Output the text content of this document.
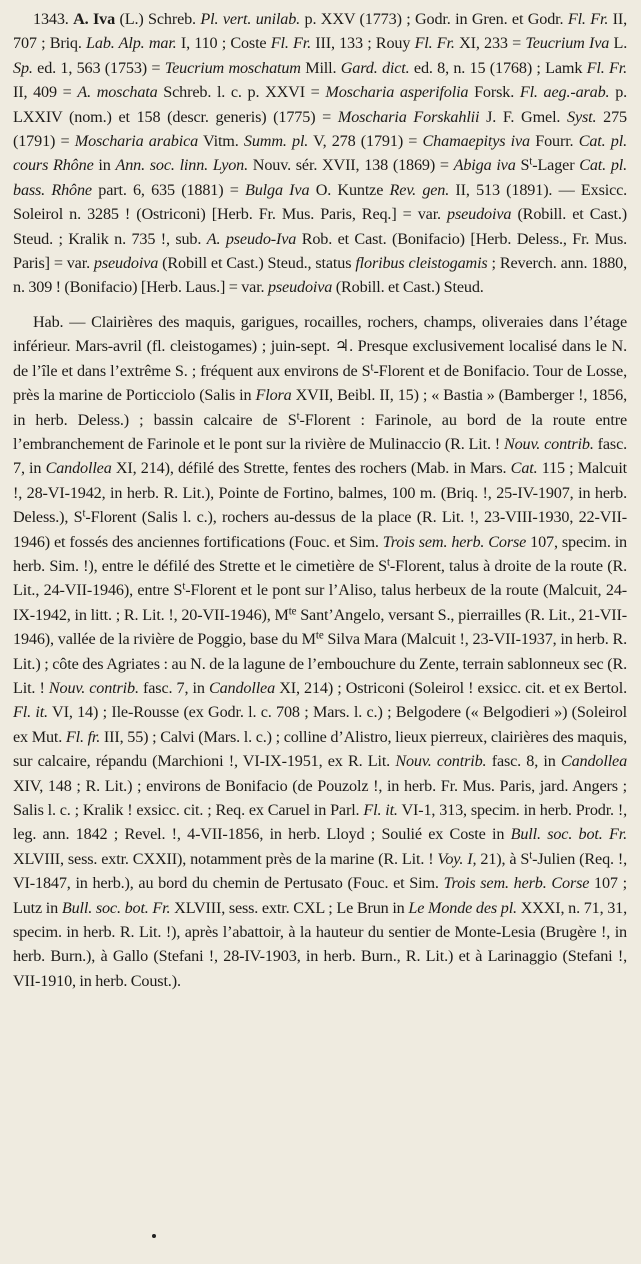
1343. A. Iva (L.) Schreb. Pl. vert. unilab. p. XXV (1773) ; Godr. in Gren. et Godr. Fl. Fr. II, 707 ; Briq. Lab. Alp. mar. I, 110 ; Coste Fl. Fr. III, 133 ; Rouy Fl. Fr. XI, 233 = Teucrium Iva L. Sp. ed. 1, 563 (1753) = Teucrium moschatum Mill. Gard. dict. ed. 8, n. 15 (1768) ; Lamk Fl. Fr. II, 409 = A. moschata Schreb. l. c. p. XXVI = Moscharia asperifolia Forsk. Fl. aeg.-arab. p. LXXIV (nom.) et 158 (descr. generis) (1775) = Moscharia Forskahlii J. F. Gmel. Syst. 275 (1791) = Moscharia arabica Vitm. Summ. pl. V, 278 (1791) = Chamaepitys iva Fourr. Cat. pl. cours Rhône in Ann. soc. linn. Lyon. Nouv. sér. XVII, 138 (1869) = Abiga iva $S^t$-Lager Cat. pl. bass. Rhône part. 6, 635 (1881) = Bulga Iva O. Kuntze Rev. gen. II, 513 (1891). — Exsicc. Soleirol n. 3285 ! (Ostriconi) [Herb. Fr. Mus. Paris, Req.] = var. pseudoiva (Robill. et Cast.) Steud. ; Kralik n. 735 !, sub. A. pseudo-Iva Rob. et Cast. (Bonifacio) [Herb. Deless., Fr. Mus. Paris] = var. pseudoiva (Robill et Cast.) Steud., status floribus cleistogamis ; Reverch. ann. 1880, n. 309 ! (Bonifacio) [Herb. Laus.] = var. pseudoiva (Robill. et Cast.) Steud.

Hab. — Clairières des maquis, garigues, rocailles, rochers, champs, oliveraies dans l’étage inférieur. Mars-avril (fl. cleistogames) ; juin-sept. ♃. Presque exclusivement localisé dans le N. de l’île et dans l’extrême S. ; fréquent aux environs de $S^t$-Florent et de Bonifacio. Tour de Losse, près la marine de Porticciolo (Salis in Flora XVII, Beibl. II, 15) ; « Bastia » (Bamberger !, 1856, in herb. Deless.) ; bassin calcaire de $S^t$-Florent : Farinole, au bord de la route entre l’embranchement de Farinole et le pont sur la rivière de Mulinaccio (R. Lit. ! Nouv. contrib. fasc. 7, in Candollea XI, 214), défilé des Strette, fentes des rochers (Mab. in Mars. Cat. 115 ; Malcuit !, 28-VI-1942, in herb. R. Lit.), Pointe de Fortino, balmes, 100 m. (Briq. !, 25-IV-1907, in herb. Deless.), $S^t$-Florent (Salis l. c.), rochers au-dessus de la place (R. Lit. !, 23-VIII-1930, 22-VII-1946) et fossés des anciennes fortifications (Fouc. et Sim. Trois sem. herb. Corse 107, specim. in herb. Sim. !), entre le défilé des Strette et le cimetière de $S^t$-Florent, talus à droite de la route (R. Lit., 24-VII-1946), entre $S^t$-Florent et le pont sur l’Aliso, talus herbeux de la route (Malcuit, 24-IX-1942, in litt. ; R. Lit. !, 20-VII-1946), $M^{te}$ Sant’Angelo, versant S., pierrailles (R. Lit., 21-VII-1946), vallée de la rivière de Poggio, base du $M^{te}$ Silva Mara (Malcuit !, 23-VII-1937, in herb. R. Lit.) ; côte des Agriates : au N. de la lagune de l’embouchure du Zente, terrain sablonneux sec (R. Lit. ! Nouv. contrib. fasc. 7, in Candollea XI, 214) ; Ostriconi (Soleirol ! exsicc. cit. et ex Bertol. Fl. it. VI, 14) ; Ile-Rousse (ex Godr. l. c. 708 ; Mars. l. c.) ; Belgodere (« Belgodieri ») (Soleirol ex Mut. Fl. fr. III, 55) ; Calvi (Mars. l. c.) ; colline d’Alistro, lieux pierreux, clairières des maquis, sur calcaire, répandu (Marchioni !, VI-IX-1951, ex R. Lit. Nouv. contrib. fasc. 8, in Candollea XIV, 148 ; R. Lit.) ; environs de Bonifacio (de Pouzolz !, in herb. Fr. Mus. Paris, jard. Angers ; Salis l. c. ; Kralik ! exsicc. cit. ; Req. ex Caruel in Parl. Fl. it. VI-1, 313, specim. in herb. Prodr. !, leg. ann. 1842 ; Revel. !, 4-VII-1856, in herb. Lloyd ; Soulié ex Coste in Bull. soc. bot. Fr. XLVIII, sess. extr. CXXII), notamment près de la marine (R. Lit. ! Voy. I, 21), à $S^t$-Julien (Req. !, VI-1847, in herb.), au bord du chemin de Pertusato (Fouc. et Sim. Trois sem. herb. Corse 107 ; Lutz in Bull. soc. bot. Fr. XLVIII, sess. extr. CXL ; Le Brun in Le Monde des pl. XXXI, n. 71, 31, specim. in herb. R. Lit. !), après l’abattoir, à la hauteur du sentier de Monte-Lesia (Brugère !, in herb. Burn.), à Gallo (Stefani !, 28-IV-1903, in herb. Burn., R. Lit.) et à Larinaggio (Stefani !, VII-1910, in herb. Coust.).
